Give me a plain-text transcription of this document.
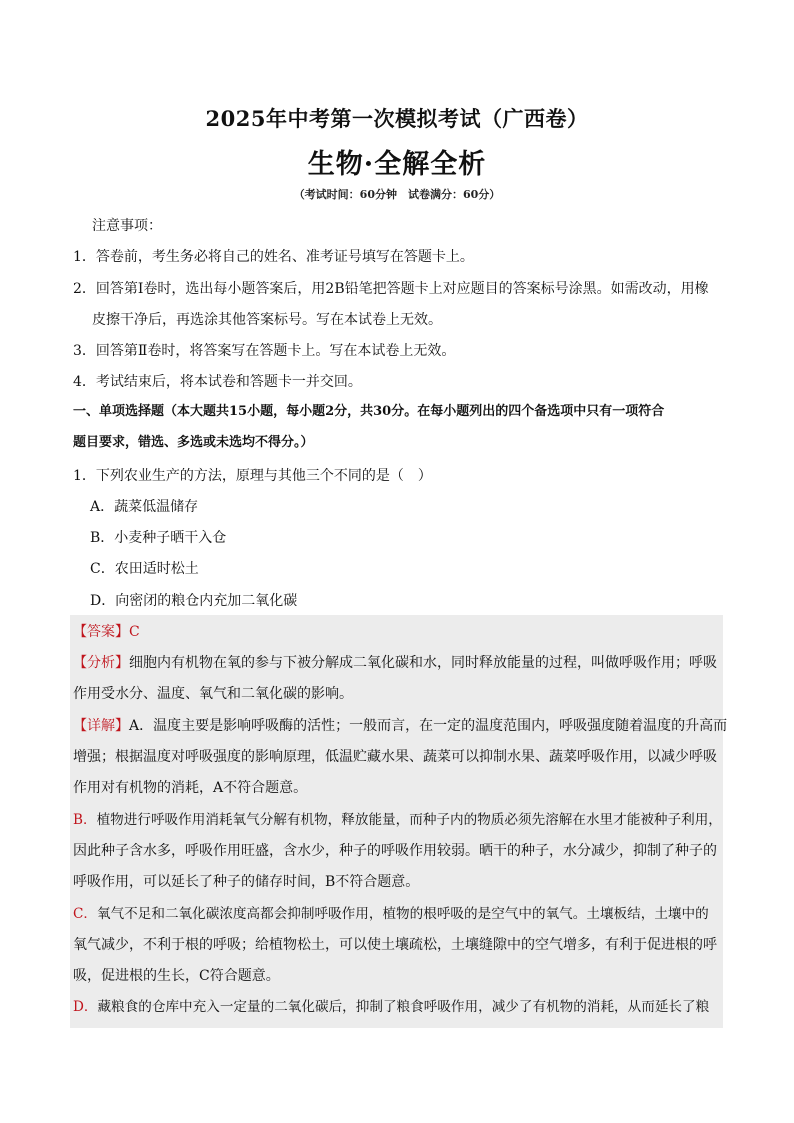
2025年中考第一次模拟考试（广西卷）
生物·全解全析
（考试时间：60分钟　试卷满分：60分）
注意事项：
1．答卷前，考生务必将自己的姓名、准考证号填写在答题卡上。
2．回答第Ⅰ卷时，选出每小题答案后，用2B铅笔把答题卡上对应题目的答案标号涂黑。如需改动，用橡
皮擦干净后，再选涂其他答案标号。写在本试卷上无效。
3．回答第Ⅱ卷时，将答案写在答题卡上。写在本试卷上无效。
4．考试结束后，将本试卷和答题卡一并交回。
一、单项选择题（本大题共15小题，每小题2分，共30分。在每小题列出的四个备选项中只有一项符合
题目要求，错选、多选或未选均不得分。）
1．下列农业生产的方法，原理与其他三个不同的是（　）
A．蔬菜低温储存
B．小麦种子晒干入仓
C．农田适时松土
D．向密闭的粮仓内充加二氧化碳
【答案】C
【分析】细胞内有机物在氧的参与下被分解成二氧化碳和水，同时释放能量的过程，叫做呼吸作用；呼吸
作用受水分、温度、氧气和二氧化碳的影响。
【详解】A．温度主要是影响呼吸酶的活性；一般而言，在一定的温度范围内，呼吸强度随着温度的升高而
增强；根据温度对呼吸强度的影响原理，低温贮藏水果、蔬菜可以抑制水果、蔬菜呼吸作用，以减少呼吸
作用对有机物的消耗，A不符合题意。
B．植物进行呼吸作用消耗氧气分解有机物，释放能量，而种子内的物质必须先溶解在水里才能被种子利用，
因此种子含水多，呼吸作用旺盛，含水少，种子的呼吸作用较弱。晒干的种子，水分减少，抑制了种子的
呼吸作用，可以延长了种子的储存时间，B不符合题意。
C．氧气不足和二氧化碳浓度高都会抑制呼吸作用，植物的根呼吸的是空气中的氧气。土壤板结，土壤中的
氧气减少，不利于根的呼吸；给植物松土，可以使土壤疏松，土壤缝隙中的空气增多，有利于促进根的呼
吸，促进根的生长，C符合题意。
D．藏粮食的仓库中充入一定量的二氧化碳后，抑制了粮食呼吸作用，减少了有机物的消耗，从而延长了粮
